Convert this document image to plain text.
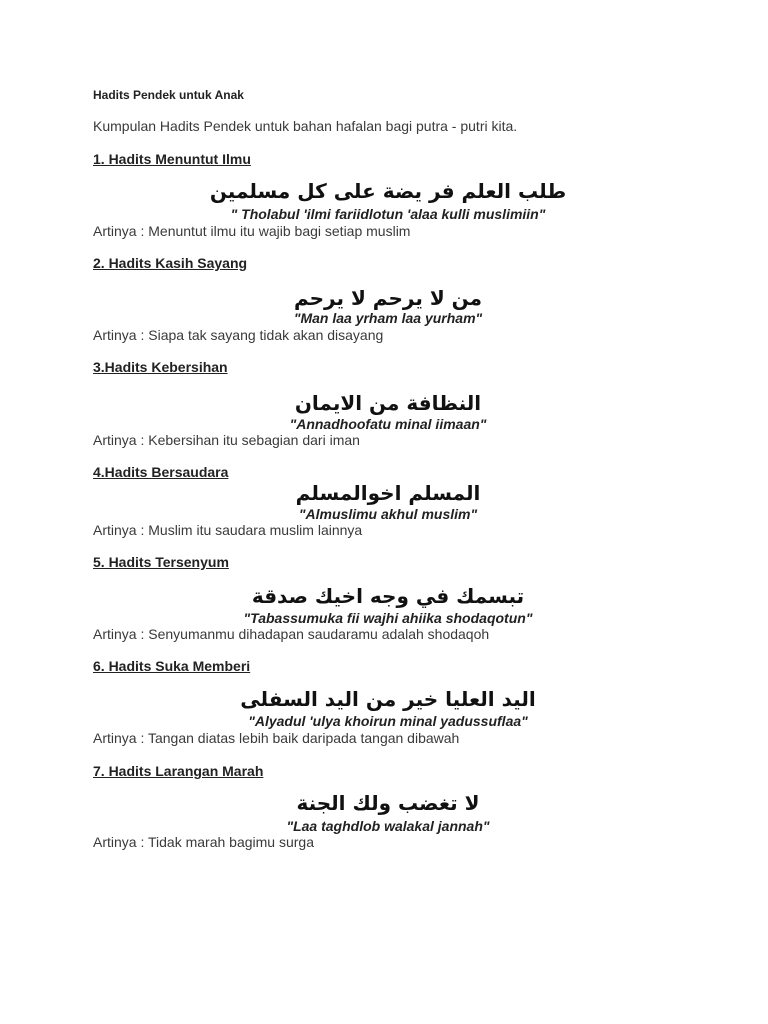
Hadits Pendek untuk Anak
Kumpulan Hadits Pendek untuk bahan hafalan bagi putra - putri kita.
1. Hadits Menuntut Ilmu
طلب العلم فر يضة على كل مسلمين
" Tholabul 'ilmi fariidlotun 'alaa kulli muslimiin"
Artinya : Menuntut ilmu itu wajib bagi setiap muslim
2. Hadits Kasih Sayang
من لا يرحم لا يرحم
"Man laa yrham laa yurham"
Artinya : Siapa tak sayang tidak akan disayang
3.Hadits Kebersihan
النظافة من الايمان
"Annadhoofatu minal iimaan"
Artinya : Kebersihan itu sebagian dari iman
4.Hadits Bersaudara
المسلم اخوالمسلم
"Almuslimu akhul muslim"
Artinya : Muslim itu saudara muslim lainnya
5. Hadits Tersenyum
تبسمك في وجه اخيك صدقة
"Tabassumuka fii wajhi ahiika shodaqotun"
Artinya : Senyumanmu dihadapan saudaramu adalah shodaqoh
6. Hadits Suka Memberi
اليد العليا خير من اليد السفلى
"Alyadul 'ulya khoirun minal yadussuflaa"
Artinya : Tangan diatas lebih baik daripada tangan dibawah
7. Hadits Larangan Marah
لا تغضب ولك الجنة
"Laa taghdlob walakal jannah"
Artinya : Tidak marah bagimu surga
